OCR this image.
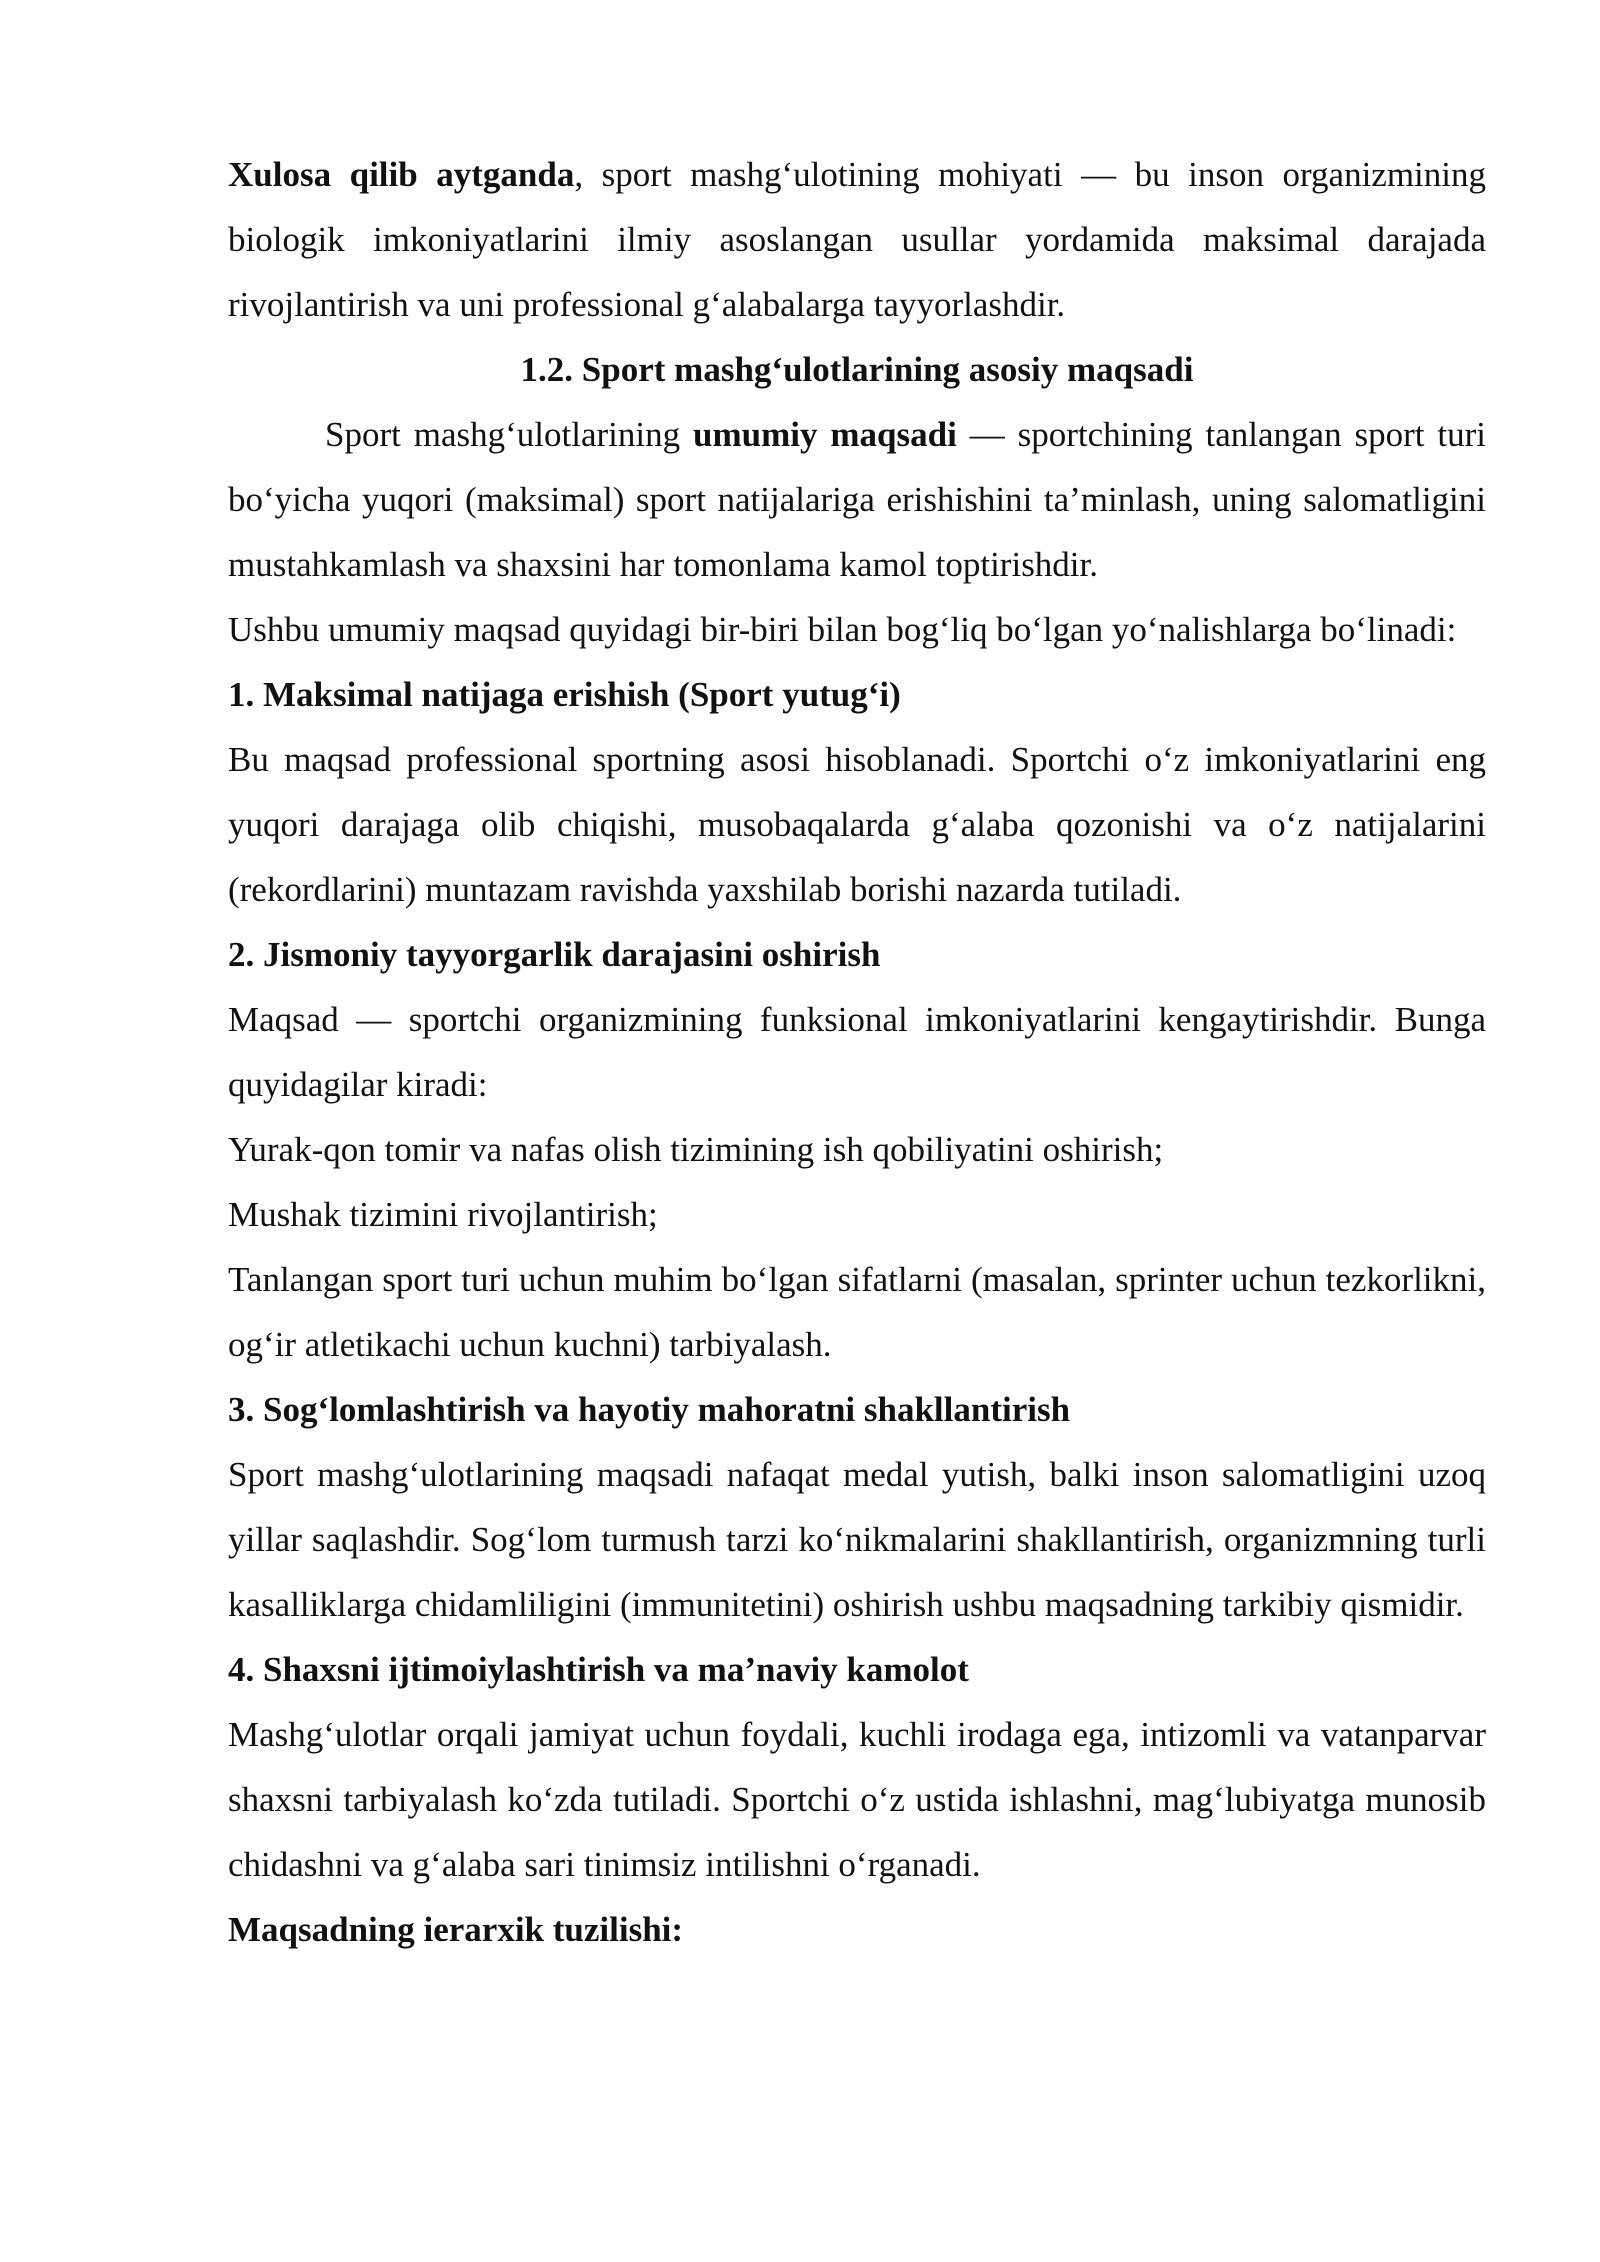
Xulosa qilib aytganda, sport mashg‘ulotining mohiyati — bu inson organizmining biologik imkoniyatlarini ilmiy asoslangan usullar yordamida maksimal darajada rivojlantirish va uni professional g‘alabalarga tayyorlashdir.

1.2. Sport mashg‘ulotlarining asosiy maqsadi

Sport mashg‘ulotlarining umumiy maqsadi — sportchining tanlangan sport turi bo‘yicha yuqori (maksimal) sport natijalariga erishishini ta’minlash, uning salomatligini mustahkamlash va shaxsini har tomonlama kamol toptirishdir.

Ushbu umumiy maqsad quyidagi bir-biri bilan bog‘liq bo‘lgan yo‘nalishlarga bo‘linadi:

1. Maksimal natijaga erishish (Sport yutug‘i)

Bu maqsad professional sportning asosi hisoblanadi. Sportchi o‘z imkoniyatlarini eng yuqori darajaga olib chiqishi, musobaqalarda g‘alaba qozonishi va o‘z natijalarini (rekordlarini) muntazam ravishda yaxshilab borishi nazarda tutiladi.

2. Jismoniy tayyorgarlik darajasini oshirish

Maqsad — sportchi organizmining funksional imkoniyatlarini kengaytirishdir. Bunga quyidagilar kiradi:

Yurak-qon tomir va nafas olish tizimining ish qobiliyatini oshirish;

Mushak tizimini rivojlantirish;

Tanlangan sport turi uchun muhim bo‘lgan sifatlarni (masalan, sprinter uchun tezkorlikni, og‘ir atletikachi uchun kuchni) tarbiyalash.

3. Sog‘lomlashtirish va hayotiy mahoratni shakllantirish

Sport mashg‘ulotlarining maqsadi nafaqat medal yutish, balki inson salomatligini uzoq yillar saqlashdir. Sog‘lom turmush tarzi ko‘nikmalarini shakllantirish, organizmning turli kasalliklarga chidamliligini (immunitetini) oshirish ushbu maqsadning tarkibiy qismidir.

4. Shaxsni ijtimoiylashtirish va ma’naviy kamolot

Mashg‘ulotlar orqali jamiyat uchun foydali, kuchli irodaga ega, intizomli va vatanparvar shaxsni tarbiyalash ko‘zda tutiladi. Sportchi o‘z ustida ishlashni, mag‘lubiyatga munosib chidashni va g‘alaba sari tinimsiz intilishni o‘rganadi.

Maqsadning ierarxik tuzilishi:
